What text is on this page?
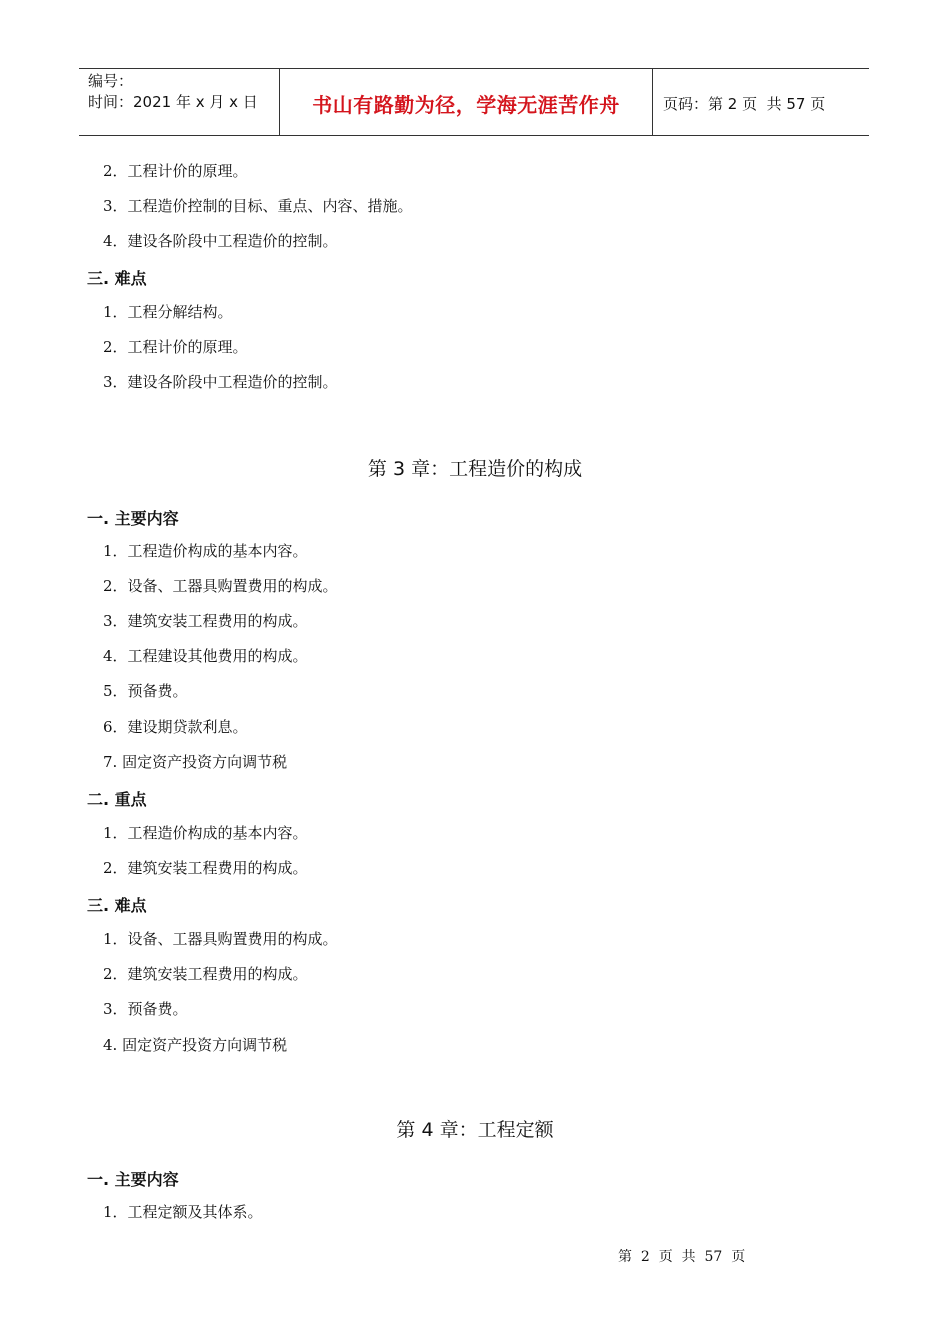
编号：
时间：2021 年 x 月 x 日	书山有路勤为径，学海无涯苦作舟	页码：第 2 页  共 57 页
2．工程计价的原理。
3．工程造价控制的目标、重点、内容、措施。
4．建设各阶段中工程造价的控制。
三. 难点
1．工程分解结构。
2．工程计价的原理。
3．建设各阶段中工程造价的控制。
第 3 章：工程造价的构成
一. 主要内容
1．工程造价构成的基本内容。
2．设备、工器具购置费用的构成。
3．建筑安装工程费用的构成。
4．工程建设其他费用的构成。
5．预备费。
6．建设期贷款利息。
7. 固定资产投资方向调节税
二. 重点
1．工程造价构成的基本内容。
2．建筑安装工程费用的构成。
三. 难点
1．设备、工器具购置费用的构成。
2．建筑安装工程费用的构成。
3．预备费。
4. 固定资产投资方向调节税
第 4 章：工程定额
一. 主要内容
1．工程定额及其体系。
第  2  页  共  57  页
